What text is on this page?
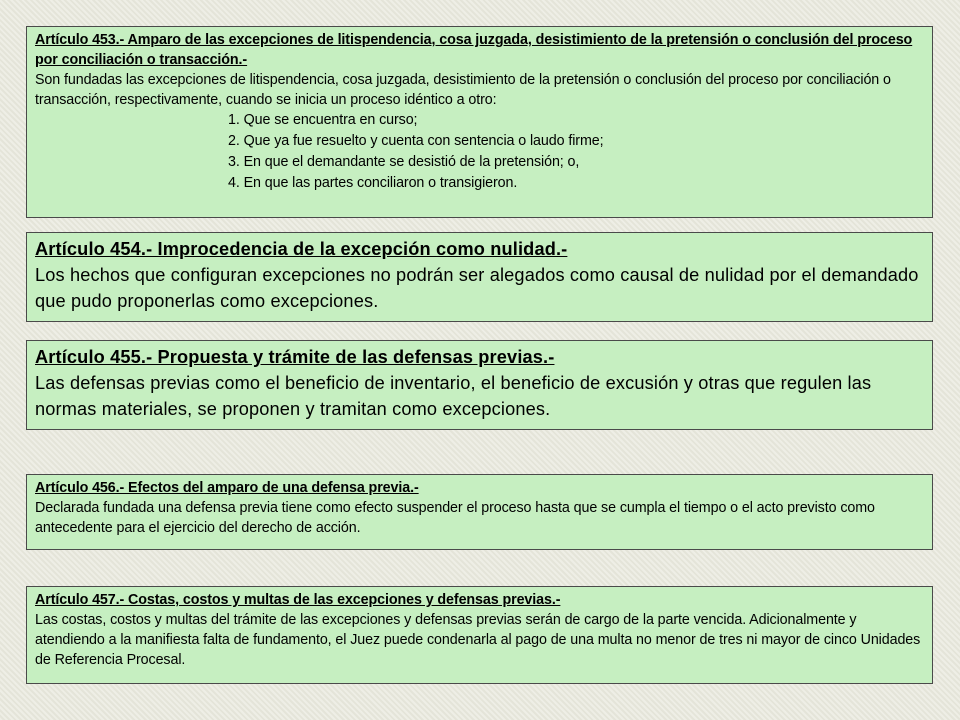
Artículo 453.- Amparo de las excepciones de litispendencia, cosa juzgada, desistimiento de la pretensión o conclusión del proceso por conciliación o transacción.-
Son fundadas las excepciones de litispendencia, cosa juzgada, desistimiento de la pretensión o conclusión del proceso por conciliación o transacción, respectivamente, cuando se inicia un proceso idéntico a otro:
1. Que se encuentra en curso;
2. Que ya fue resuelto y cuenta con sentencia o laudo firme;
3. En que el demandante se desistió de la pretensión; o,
4. En que las partes conciliaron o transigieron.
Artículo 454.- Improcedencia de la excepción como nulidad.-
Los hechos que configuran excepciones no podrán ser alegados como causal de nulidad por el demandado que pudo proponerlas como excepciones.
Artículo 455.- Propuesta y trámite de las defensas previas.-
Las defensas previas como el beneficio de inventario, el beneficio de excusión y otras que regulen las normas materiales, se proponen y tramitan como excepciones.
Artículo 456.- Efectos del amparo de una defensa previa.-
Declarada fundada una defensa previa tiene como efecto suspender el proceso hasta que se cumpla el tiempo o el acto previsto como antecedente para el ejercicio del derecho de acción.
Artículo 457.- Costas, costos y multas de las excepciones y defensas previas.-
Las costas, costos y multas del trámite de las excepciones y defensas previas serán de cargo de la parte vencida. Adicionalmente y atendiendo a la manifiesta falta de fundamento, el Juez puede condenarla al pago de una multa no menor de tres ni mayor de cinco Unidades de Referencia Procesal.
